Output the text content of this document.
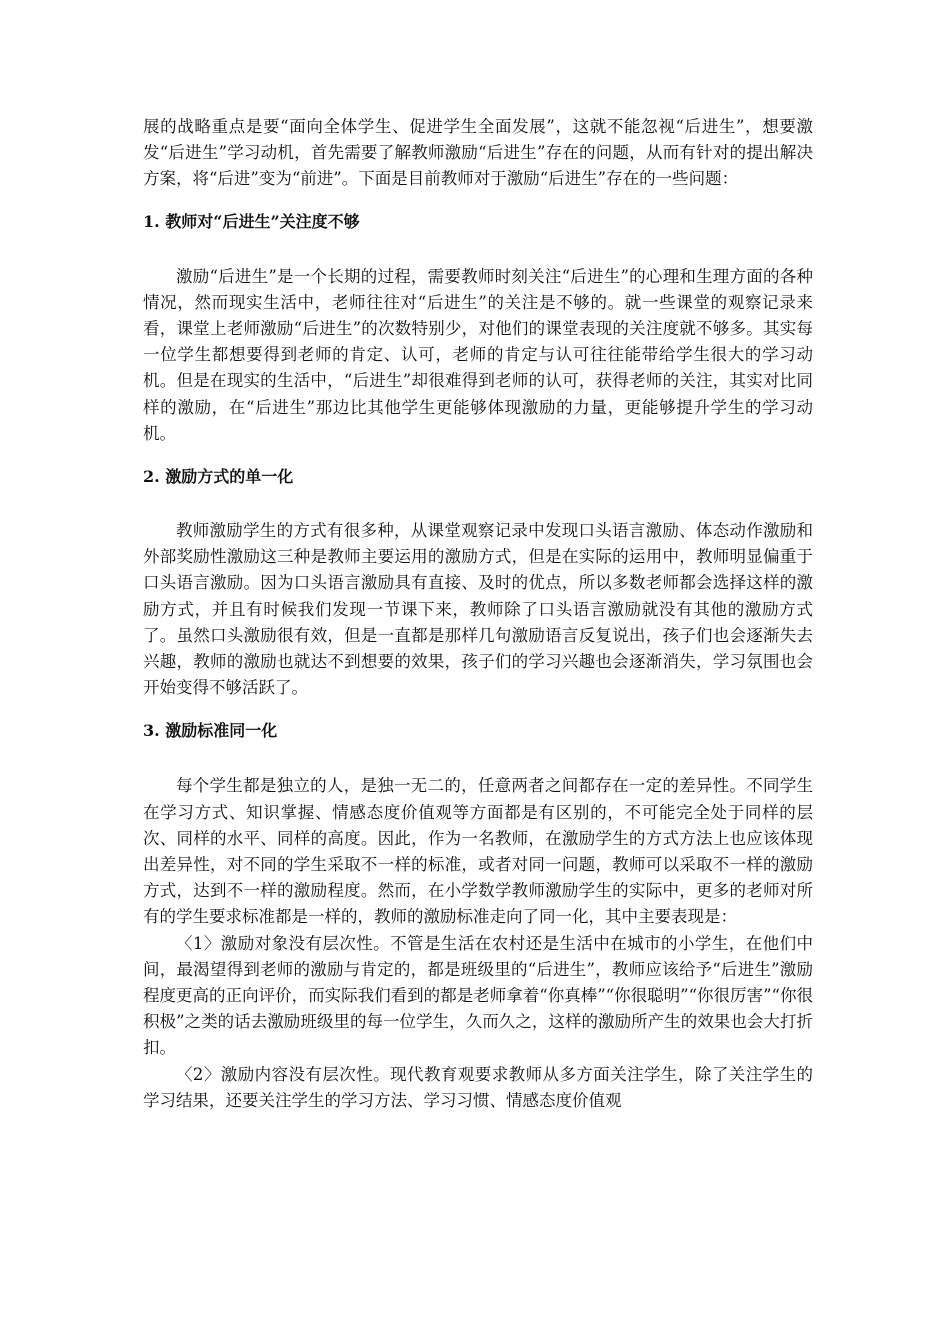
展的战略重点是要“面向全体学生、促进学生全面发展”，这就不能忽视“后进生”，想要激发“后进生”学习动机，首先需要了解教师激励“后进生”存在的问题，从而有针对的提出解决方案，将“后进”变为“前进”。下面是目前教师对于激励“后进生”存在的一些问题：

1. 教师对“后进生”关注度不够

激励“后进生”是一个长期的过程，需要教师时刻关注“后进生”的心理和生理方面的各种情况，然而现实生活中，老师往往对“后进生”的关注是不够的。就一些课堂的观察记录来看，课堂上老师激励“后进生”的次数特别少，对他们的课堂表现的关注度就不够多。其实每一位学生都想要得到老师的肯定、认可，老师的肯定与认可往往能带给学生很大的学习动机。但是在现实的生活中，“后进生”却很难得到老师的认可，获得老师的关注，其实对比同样的激励，在“后进生”那边比其他学生更能够体现激励的力量，更能够提升学生的学习动机。

2. 激励方式的单一化

教师激励学生的方式有很多种，从课堂观察记录中发现口头语言激励、体态动作激励和外部奖励性激励这三种是教师主要运用的激励方式，但是在实际的运用中，教师明显偏重于口头语言激励。因为口头语言激励具有直接、及时的优点，所以多数老师都会选择这样的激励方式，并且有时候我们发现一节课下来，教师除了口头语言激励就没有其他的激励方式了。虽然口头激励很有效，但是一直都是那样几句激励语言反复说出，孩子们也会逐渐失去兴趣，教师的激励也就达不到想要的效果，孩子们的学习兴趣也会逐渐消失，学习氛围也会开始变得不够活跃了。

3. 激励标准同一化

每个学生都是独立的人，是独一无二的，任意两者之间都存在一定的差异性。不同学生在学习方式、知识掌握、情感态度价值观等方面都是有区别的，不可能完全处于同样的层次、同样的水平、同样的高度。因此，作为一名教师，在激励学生的方式方法上也应该体现出差异性，对不同的学生采取不一样的标准，或者对同一问题，教师可以采取不一样的激励方式，达到不一样的激励程度。然而，在小学数学教师激励学生的实际中，更多的老师对所有的学生要求标准都是一样的，教师的激励标准走向了同一化，其中主要表现是：

〈1〉激励对象没有层次性。不管是生活在农村还是生活中在城市的小学生，在他们中间，最渴望得到老师的激励与肯定的，都是班级里的“后进生”，教师应该给予“后进生”激励程度更高的正向评价，而实际我们看到的都是老师拿着“你真棒”“你很聪明”“你很厉害”“你很积极”之类的话去激励班级里的每一位学生，久而久之，这样的激励所产生的效果也会大打折扣。

〈2〉激励内容没有层次性。现代教育观要求教师从多方面关注学生，除了关注学生的学习结果，还要关注学生的学习方法、学习习惯、情感态度价值观
